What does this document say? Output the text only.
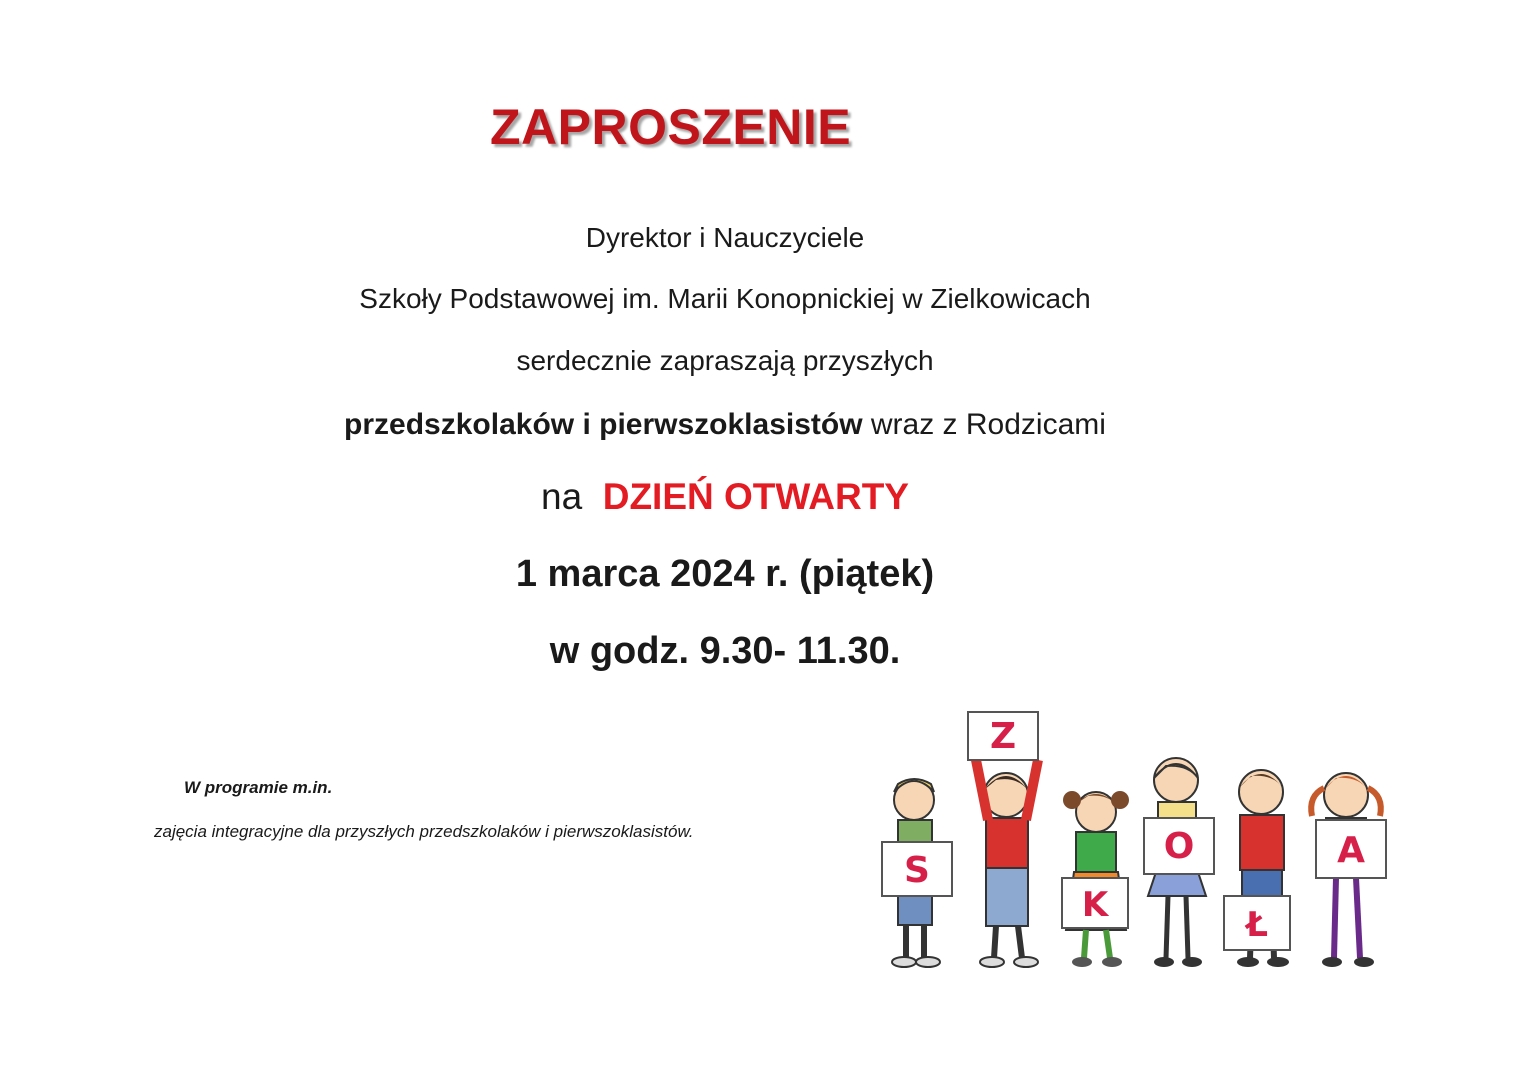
ZAPROSZENIE
Dyrektor i Nauczyciele
Szkoły Podstawowej im. Marii Konopnickiej w Zielkowicach
serdecznie zapraszają przyszłych
przedszkolaków i pierwszoklasistów wraz z Rodzicami
na  DZIEŃ OTWARTY
1 marca 2024 r. (piątek)
w godz. 9.30- 11.30.
W programie m.in.
zajęcia integracyjne dla przyszłych przedszkolaków i pierwszoklasistów.
Z
S
K
O
Ł
A
